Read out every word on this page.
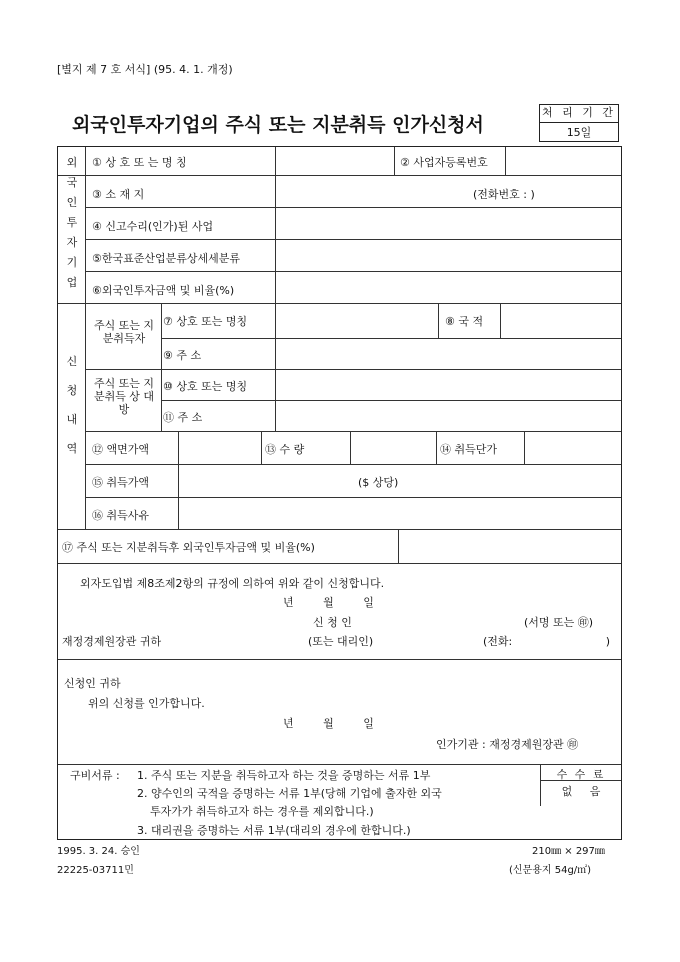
[별지 제 7 호 서식] (95. 4. 1. 개정)
외국인투자기업의 주식 또는 지분취득 인가신청서
처 리 기 간
15일
외국인투자기업
① 상 호 또 는 명 칭	② 사업자등록번호
③ 소 재 지	(전화번호 : )
④ 신고수리(인가)된 사업
⑤한국표준산업분류상세세분류
⑥외국인투자금액 및 비율(%)
신청내역
주식 또는 지분취득자
⑦ 상호 또는 명칭	⑧ 국 적
⑨ 주 소
주식 또는 지분취득 상 대 방
⑩ 상호 또는 명칭
⑪ 주 소
⑫ 액면가액	⑬ 수 량	⑭ 취득단가
⑮ 취득가액	($ 상당)
⑯ 취득사유
⑰ 주식 또는 지분취득후 외국인투자금액 및 비율(%)
외자도입법 제8조제2항의 규정에 의하여 위와 같이 신청합니다.
년 월 일
신 청 인	(서명 또는 ㊞)
재정경제원장관 귀하	(또는 대리인)	(전화: )
신청인 귀하
위의 신청를 인가합니다.
년 월 일
인가기관 : 재정경제원장관 ㊞
구비서류 : 1. 주식 또는 지분을 취득하고자 하는 것을 증명하는 서류 1부
2. 양수인의 국적을 증명하는 서류 1부(당해 기업에 출자한 외국
투자가가 취득하고자 하는 경우를 제외합니다.)
3. 대리권을 증명하는 서류 1부(대리의 경우에 한합니다.)
수 수 료
없 음
1995. 3. 24. 승인
22225-03711민
210㎜ × 297㎜
(신문용지 54g/㎡)
